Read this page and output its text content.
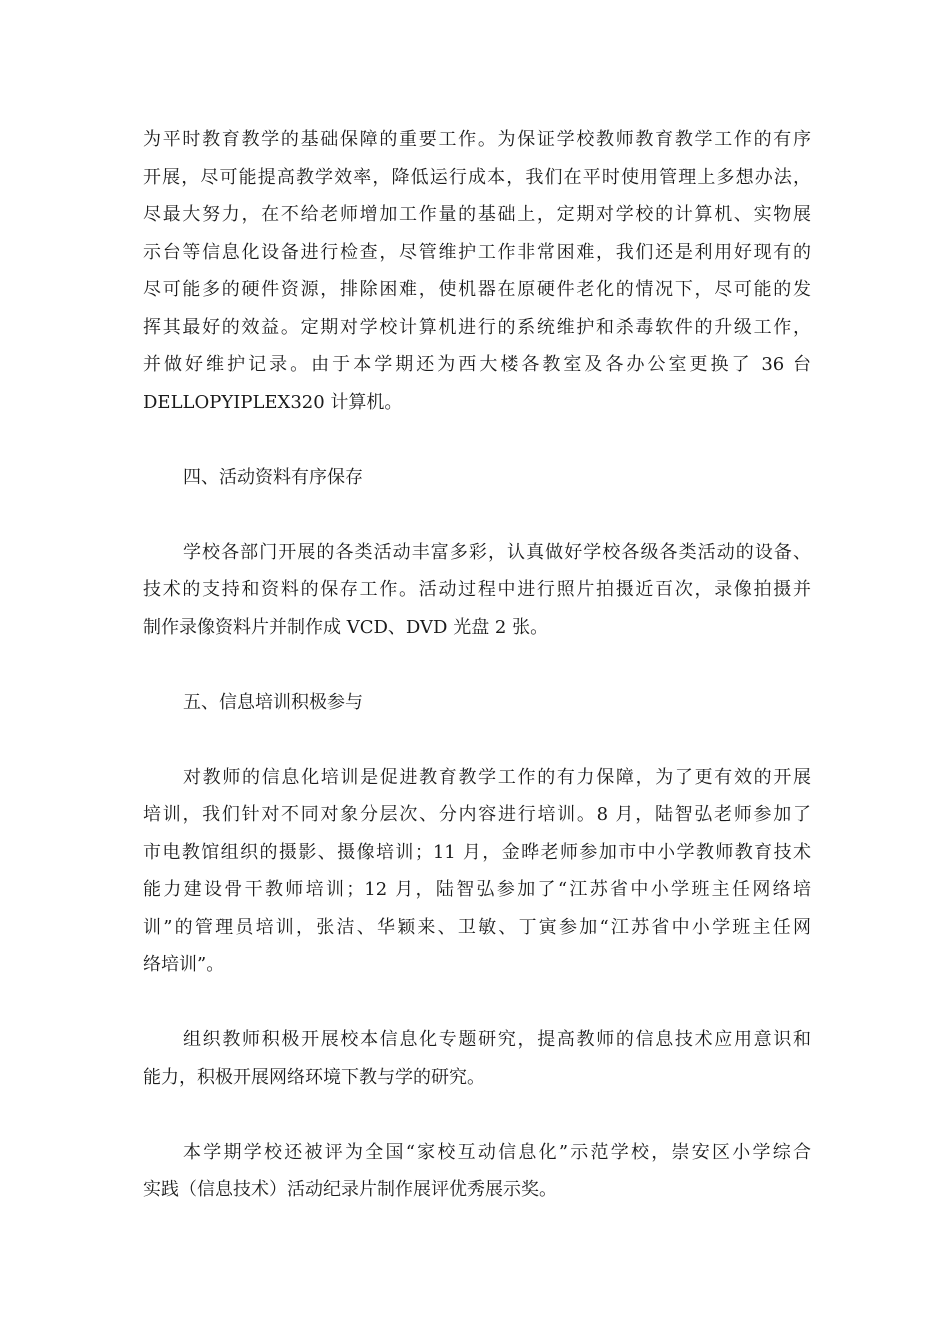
为平时教育教学的基础保障的重要工作。为保证学校教师教育教学工作的有序
开展，尽可能提高教学效率，降低运行成本，我们在平时使用管理上多想办法，
尽最大努力，在不给老师增加工作量的基础上，定期对学校的计算机、实物展
示台等信息化设备进行检查，尽管维护工作非常困难，我们还是利用好现有的
尽可能多的硬件资源，排除困难，使机器在原硬件老化的情况下，尽可能的发
挥其最好的效益。定期对学校计算机进行的系统维护和杀毒软件的升级工作，
并做好维护记录。由于本学期还为西大楼各教室及各办公室更换了 36 台
DELLOPYIPLEX320 计算机。
四、活动资料有序保存
学校各部门开展的各类活动丰富多彩，认真做好学校各级各类活动的设备、
技术的支持和资料的保存工作。活动过程中进行照片拍摄近百次，录像拍摄并
制作录像资料片并制作成 VCD、DVD 光盘 2 张。
五、信息培训积极参与
对教师的信息化培训是促进教育教学工作的有力保障，为了更有效的开展
培训，我们针对不同对象分层次、分内容进行培训。8 月，陆智弘老师参加了
市电教馆组织的摄影、摄像培训；11 月，金晔老师参加市中小学教师教育技术
能力建设骨干教师培训；12 月，陆智弘参加了“江苏省中小学班主任网络培
训”的管理员培训，张洁、华颖来、卫敏、丁寅参加“江苏省中小学班主任网
络培训”。
组织教师积极开展校本信息化专题研究，提高教师的信息技术应用意识和
能力，积极开展网络环境下教与学的研究。
本学期学校还被评为全国“家校互动信息化”示范学校，崇安区小学综合
实践（信息技术）活动纪录片制作展评优秀展示奖。
